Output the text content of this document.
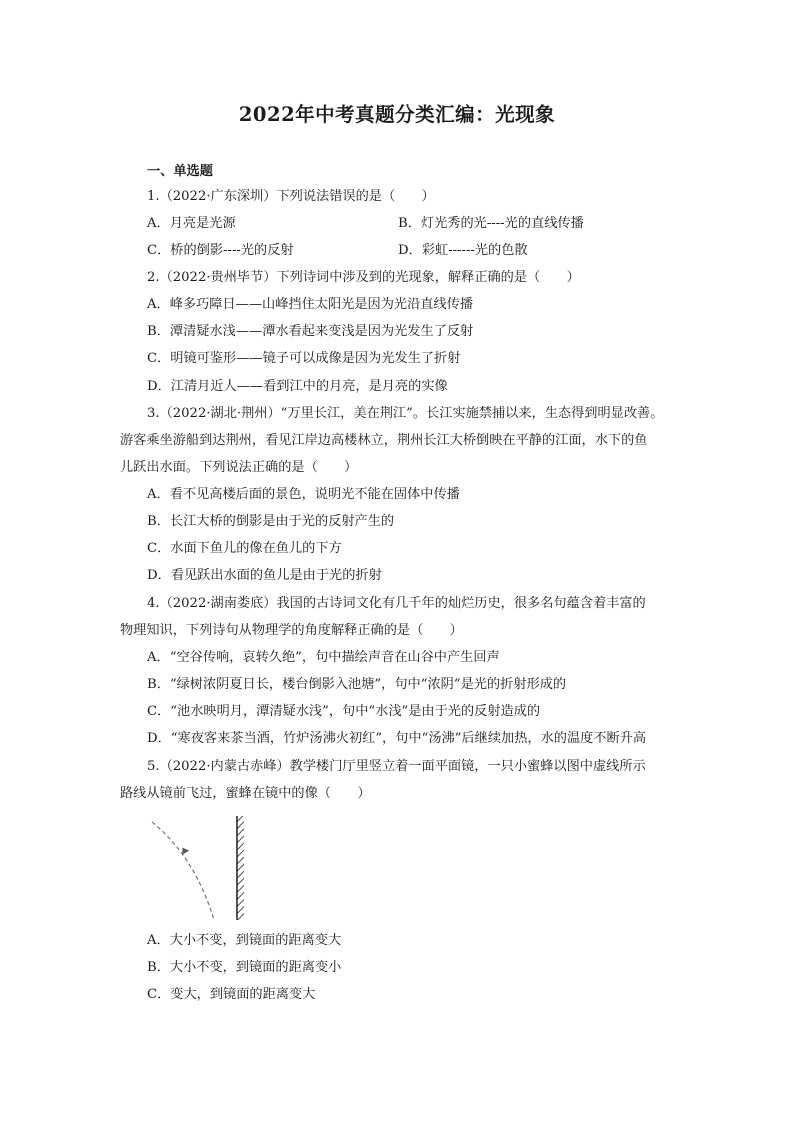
2022年中考真题分类汇编：光现象
一、单选题
1.（2022·广东深圳）下列说法错误的是（　　）
A．月亮是光源	B．灯光秀的光----光的直线传播
C．桥的倒影----光的反射	D．彩虹------光的色散
2.（2022·贵州毕节）下列诗词中涉及到的光现象，解释正确的是（　　）
A．峰多巧障日——山峰挡住太阳光是因为光沿直线传播
B．潭清疑水浅——潭水看起来变浅是因为光发生了反射
C．明镜可鉴形——镜子可以成像是因为光发生了折射
D．江清月近人——看到江中的月亮，是月亮的实像
3.（2022·湖北·荆州）“万里长江，美在荆江”。长江实施禁捕以来，生态得到明显改善。
游客乘坐游船到达荆州，看见江岸边高楼林立，荆州长江大桥倒映在平静的江面，水下的鱼
儿跃出水面。下列说法正确的是（　　）
A．看不见高楼后面的景色，说明光不能在固体中传播
B．长江大桥的倒影是由于光的反射产生的
C．水面下鱼儿的像在鱼儿的下方
D．看见跃出水面的鱼儿是由于光的折射
4.（2022·湖南娄底）我国的古诗词文化有几千年的灿烂历史，很多名句蕴含着丰富的
物理知识，下列诗句从物理学的角度解释正确的是（　　）
A．“空谷传响，哀转久绝”，句中描绘声音在山谷中产生回声
B．“绿树浓阴夏日长，楼台倒影入池塘”，句中“浓阴”是光的折射形成的
C．“池水映明月，潭清疑水浅”，句中“水浅”是由于光的反射造成的
D．“寒夜客来茶当酒，竹炉汤沸火初红”，句中“汤沸”后继续加热，水的温度不断升高
5.（2022·内蒙古赤峰）教学楼门厅里竖立着一面平面镜，一只小蜜蜂以图中虚线所示
路线从镜前飞过，蜜蜂在镜中的像（　　）
A．大小不变，到镜面的距离变大
B．大小不变，到镜面的距离变小
C．变大，到镜面的距离变大
